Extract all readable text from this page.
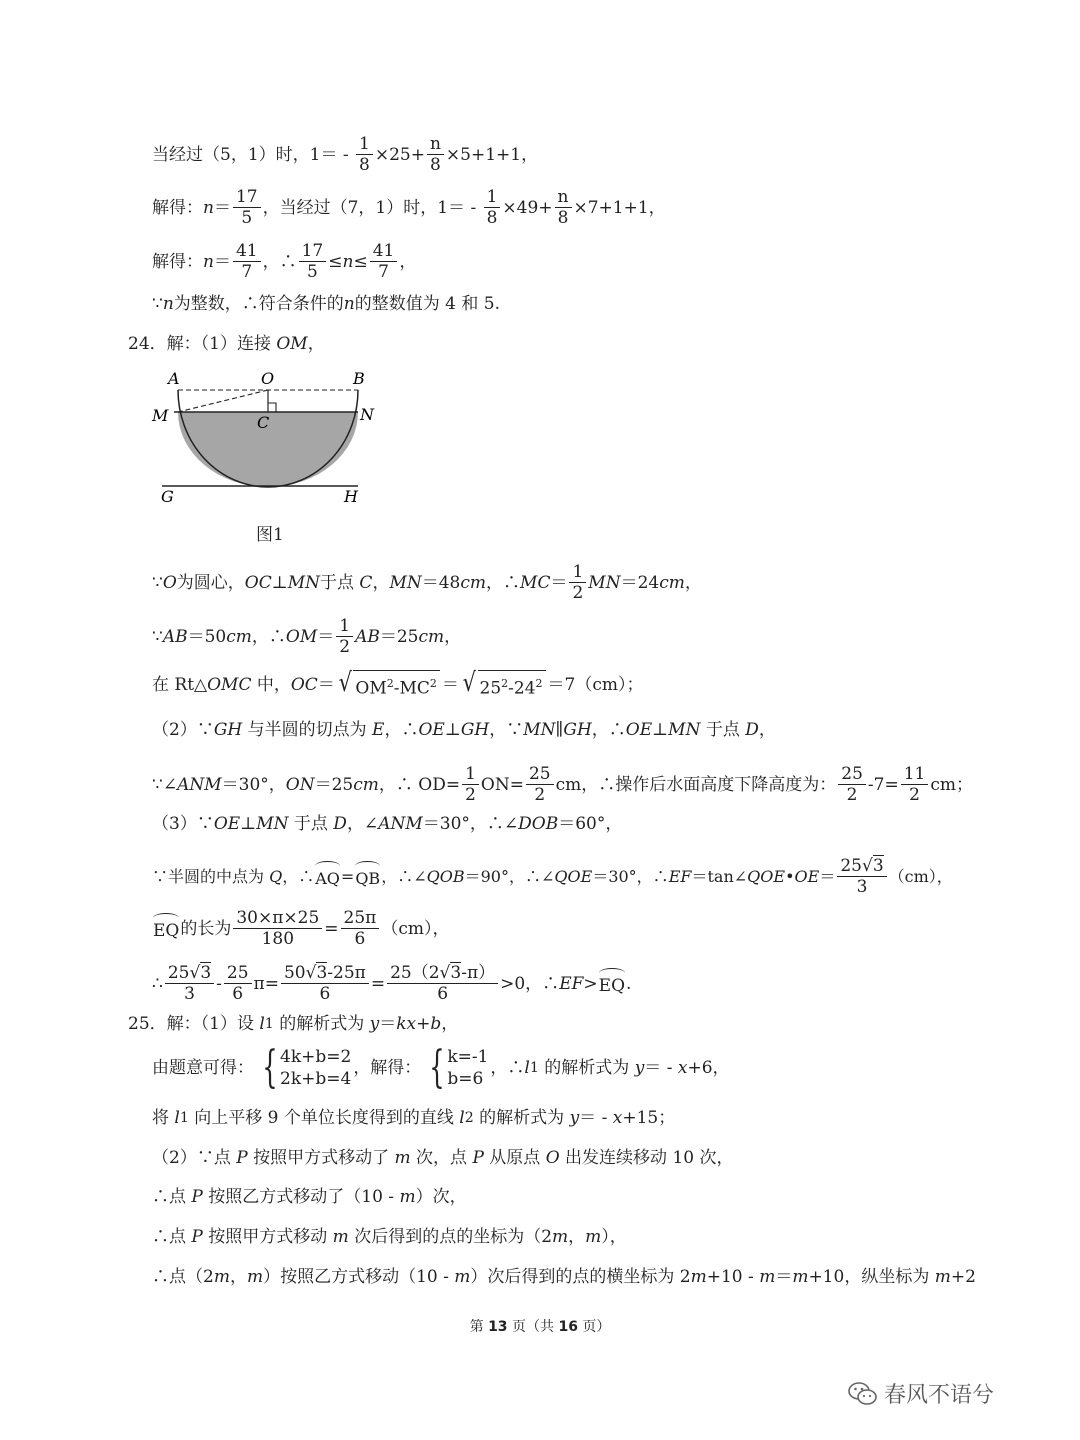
当经过（5，1）时，$1= - \frac{1}{8} \times 25+ \frac{n}{8} \times 5+1+1$，
解得： $n = \frac{17}{5}$ ，当经过（7，1）时，$1= - \frac{1}{8} \times 49+ \frac{n}{8} \times 7+1+1$，
解得： $n = \frac{41}{7}$ ，∴ $\frac{17}{5} \le n \le \frac{41}{7}$ ，
∵ n 为整数，∴符合条件的 n 的整数值为 4 和 5.
24．解：（1）连接 OM ，
A	O	B
M	C	N
G	H
图1
∵ O 为圆心， OC ⊥ MN 于点 C ， MN ＝48 cm ，∴ MC ＝ $\frac{1}{2}$ MN ＝24 cm ，
∵ AB ＝50 cm ，∴ OM ＝ $\frac{1}{2}$ AB ＝25 cm ，
在 Rt△ OMC 中， OC ＝ √ $OM^2-MC^2$ ＝ √ $25^2-24^2 =7(cm)$；
（2）∵ GH 与半圆的切点为 E ，∴ OE ⊥ GH ，∵ MN ∥ GH ，∴ OE ⊥ MN 于点 D ，
∵∠ ANM ＝30°， ON ＝25 cm ，∴ $OD= \frac{1}{2} ON= \frac{25}{2}$ cm，∴操作后水面高度下降高度为： $\frac{25}{2} -7= \frac{11}{2}$ cm；
（3）∵ OE ⊥ MN 于点 D ，∠ ANM ＝30°，∴∠ DOB ＝60°，
∵半圆的中点为 Q ，∴ AQ = QB ，∴∠ QOB ＝90°，∴∠ QOE ＝30°，∴ EF ＝tan∠ QOE • OE ＝ $\frac{25√3}{3} (cm)$，
EQ 的长为 $\frac{30\times\pi\times 25}{180} = \frac{25\pi}{6} (cm)$，
∴ $\frac{25√3}{3} - \frac{25}{6} \pi= \frac{50√3-25\pi}{6} = \frac{25(2√3-\pi)}{6} >0$，∴ EF > EQ .
25．解：（1）设 l 1 的解析式为 y ＝ kx + b ，
由题意可得： { 4k+b=2
2k+b=4
，解得： { k=-1
b=6
，∴ l 1 的解析式为 y ＝ - x +6，
将 l 1 向上平移 9 个单位长度得到的直线 l 2 的解析式为 y ＝ - x +15；
（2）∵点 P 按照甲方式移动了 m 次，点 P 从原点 O 出发连续移动 10 次，
∴点 P 按照乙方式移动了（10 - m ）次，
∴点 P 按照甲方式移动 m 次后得到的点的坐标为（2 m ， m ），
∴点（2 m ， m ）按照乙方式移动（10 - m ）次后得到的点的横坐标为 2 m +10 - m ＝ m +10，纵坐标为 m +2
第 13 页（共 16 页）
春风不语兮
